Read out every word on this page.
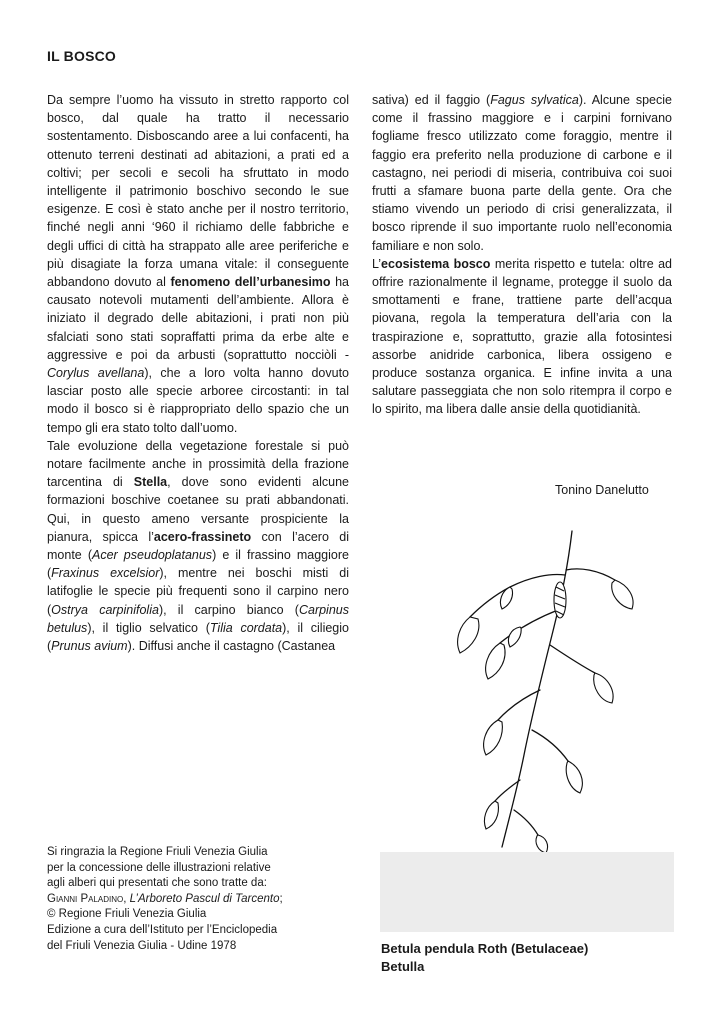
IL BOSCO

Da sempre l’uomo ha vissuto in stretto rapporto col bosco, dal quale ha tratto il necessario sostentamento. Disboscando aree a lui confacenti, ha ottenuto terreni destinati ad abitazioni, a prati ed a coltivi; per secoli e secoli ha sfruttato in modo intelligente il patrimonio boschivo secondo le sue esigenze. E così è stato anche per il nostro territorio, finché negli anni ‘960 il richiamo delle fabbriche e degli uffici di città ha strappato alle aree periferiche e più disagiate la forza umana vitale: il conseguente abbandono dovuto al fenomeno dell’urbanesimo ha causato notevoli mutamenti dell’ambiente. Allora è iniziato il degrado delle abitazioni, i prati non più sfalciati sono stati sopraffatti prima da erbe alte e aggressive e poi da arbusti (soprattutto nocciòli - Corylus avellana), che a loro volta hanno dovuto lasciar posto alle specie arboree circostanti: in tal modo il bosco si è riappropriato dello spazio che un tempo gli era stato tolto dall’uomo.

Tale evoluzione della vegetazione forestale si può notare facilmente anche in prossimità della frazione tarcentina di Stella, dove sono evidenti alcune formazioni boschive coetanee su prati abbandonati. Qui, in questo ameno versante prospiciente la pianura, spicca l’acero-frassineto con l’acero di monte (Acer pseudoplatanus) e il frassino maggiore (Fraxinus excelsior), mentre nei boschi misti di latifoglie le specie più frequenti sono il carpino nero (Ostrya carpinifolia), il carpino bianco (Carpinus betulus), il tiglio selvatico (Tilia cordata), il ciliegio (Prunus avium). Diffusi anche il castagno (Castanea

sativa) ed il faggio (Fagus sylvatica). Alcune specie come il frassino maggiore e i carpini fornivano fogliame fresco utilizzato come foraggio, mentre il faggio era preferito nella produzione di carbone e il castagno, nei periodi di miseria, contribuiva coi suoi frutti a sfamare buona parte della gente. Ora che stiamo vivendo un periodo di crisi generalizzata, il bosco riprende il suo importante ruolo nell’economia familiare e non solo.

L’ecosistema bosco merita rispetto e tutela: oltre ad offrire razionalmente il legname, protegge il suolo da smottamenti e frane, trattiene parte dell’acqua piovana, regola la temperatura dell’aria con la traspirazione e, soprattutto, grazie alla fotosintesi assorbe anidride carbonica, libera ossigeno e produce sostanza organica. E infine invita a una salutare passeggiata che non solo ritempra il corpo e lo spirito, ma libera dalle ansie della quotidianità.

Tonino Danelutto
Betula pendula Roth (Betulaceae)
Betulla
Si ringrazia la Regione Friuli Venezia Giulia
per la concessione delle illustrazioni relative
agli alberi qui presentati che sono tratte da:
Gianni Paladino, L’Arboreto Pascul di Tarcento;
© Regione Friuli Venezia Giulia
Edizione a cura dell’Istituto per l’Enciclopedia
del Friuli Venezia Giulia - Udine 1978
